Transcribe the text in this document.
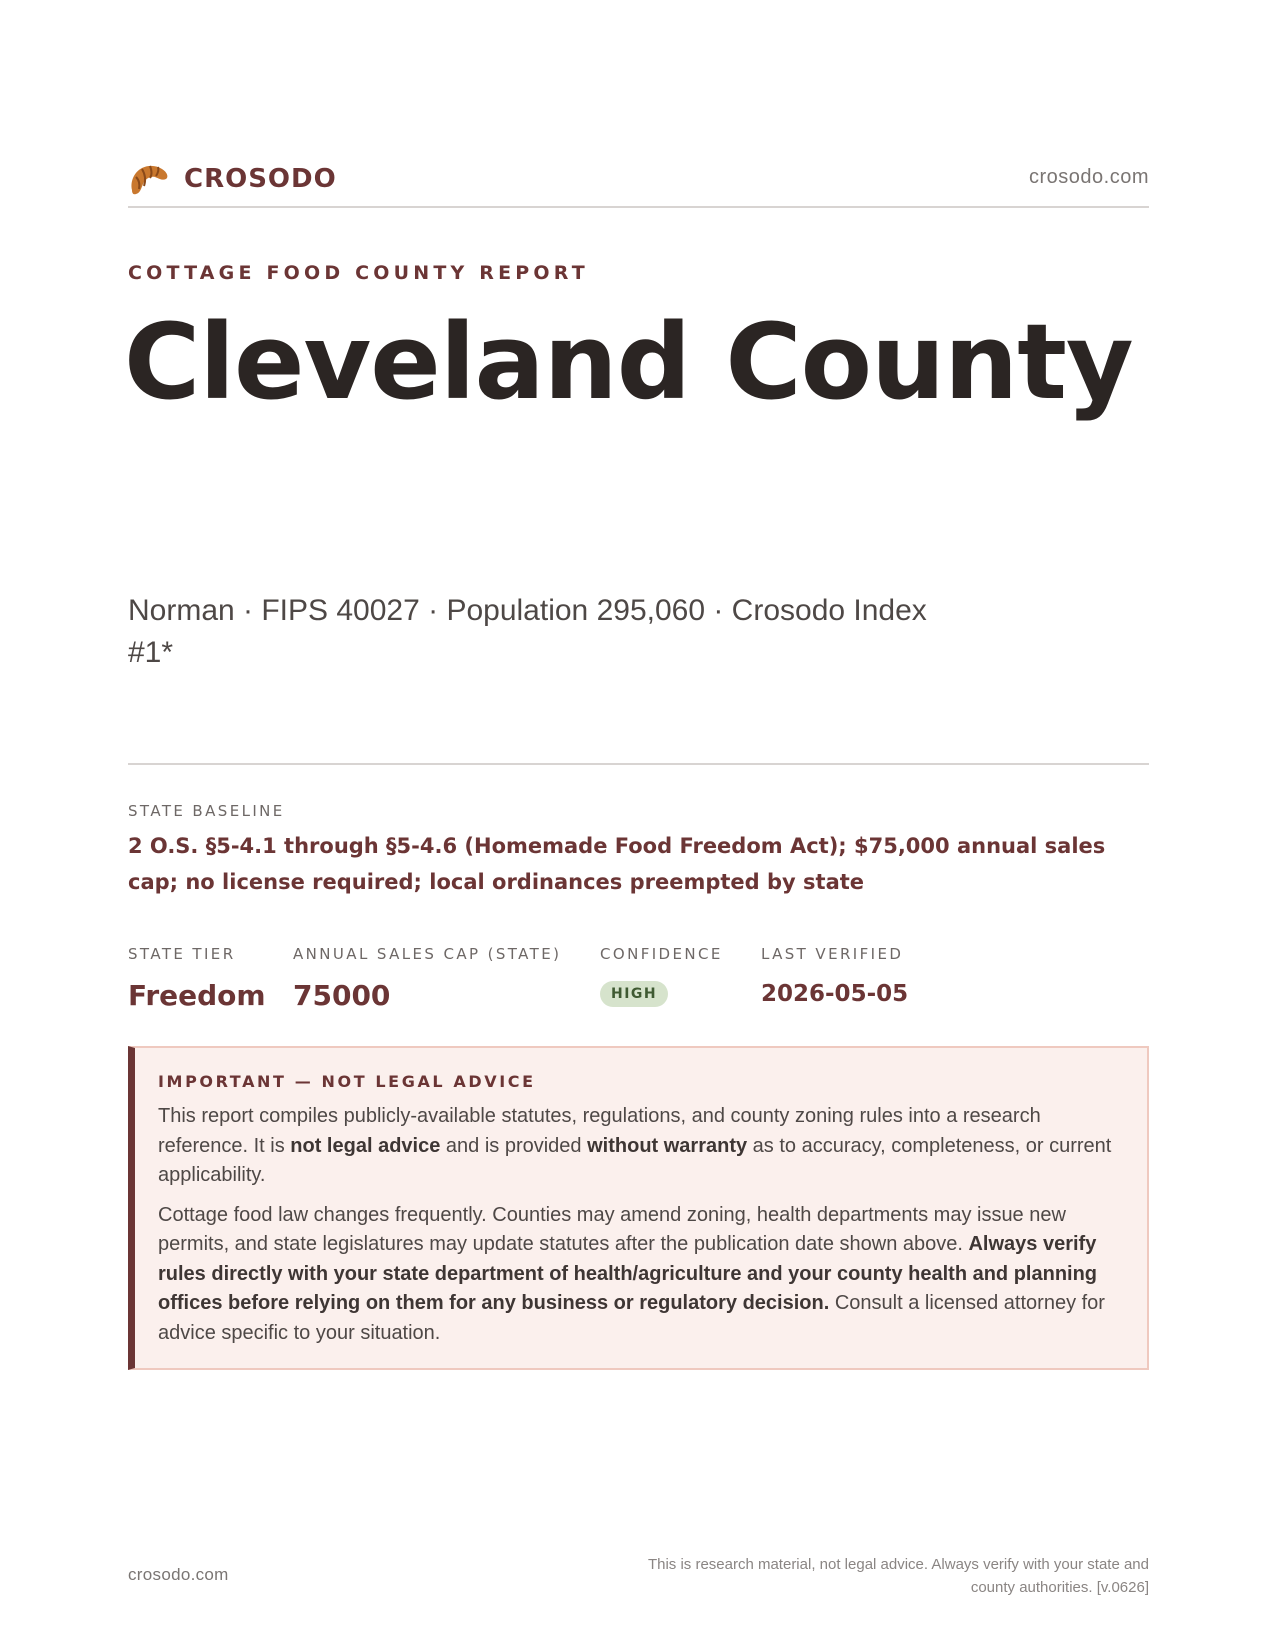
CROSODO	crosodo.com
COTTAGE FOOD COUNTY REPORT
Cleveland County
Norman · FIPS 40027 · Population 295,060 · Crosodo Index #1*
STATE BASELINE
2 O.S. §5-4.1 through §5-4.6 (Homemade Food Freedom Act); $75,000 annual sales cap; no license required; local ordinances preempted by state
STATE TIER
Freedom
ANNUAL SALES CAP (STATE)
75000
CONFIDENCE
HIGH
LAST VERIFIED
2026-05-05
IMPORTANT — NOT LEGAL ADVICE

This report compiles publicly-available statutes, regulations, and county zoning rules into a research reference. It is not legal advice and is provided without warranty as to accuracy, completeness, or current applicability.

Cottage food law changes frequently. Counties may amend zoning, health departments may issue new permits, and state legislatures may update statutes after the publication date shown above. Always verify rules directly with your state department of health/agriculture and your county health and planning offices before relying on them for any business or regulatory decision. Consult a licensed attorney for advice specific to your situation.

crosodo.com
This is research material, not legal advice. Always verify with your state and county authorities. [v.0626]
